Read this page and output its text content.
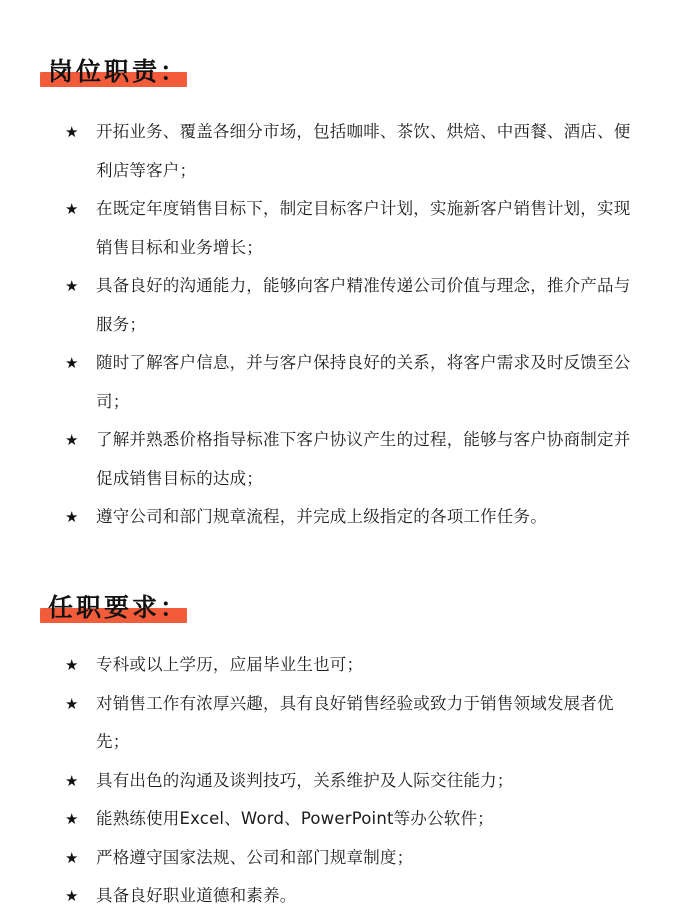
岗位职责：
★ 开拓业务、覆盖各细分市场，包括咖啡、茶饮、烘焙、中西餐、酒店、便利店等客户；
★ 在既定年度销售目标下，制定目标客户计划，实施新客户销售计划，实现销售目标和业务增长；
★ 具备良好的沟通能力，能够向客户精准传递公司价值与理念，推介产品与服务；
★ 随时了解客户信息，并与客户保持良好的关系，将客户需求及时反馈至公司；
★ 了解并熟悉价格指导标准下客户协议产生的过程，能够与客户协商制定并促成销售目标的达成；
★ 遵守公司和部门规章流程，并完成上级指定的各项工作任务。
任职要求：
★ 专科或以上学历，应届毕业生也可；
★ 对销售工作有浓厚兴趣，具有良好销售经验或致力于销售领域发展者优先；
★ 具有出色的沟通及谈判技巧，关系维护及人际交往能力；
★ 能熟练使用Excel、Word、PowerPoint等办公软件；
★ 严格遵守国家法规、公司和部门规章制度；
★ 具备良好职业道德和素养。
